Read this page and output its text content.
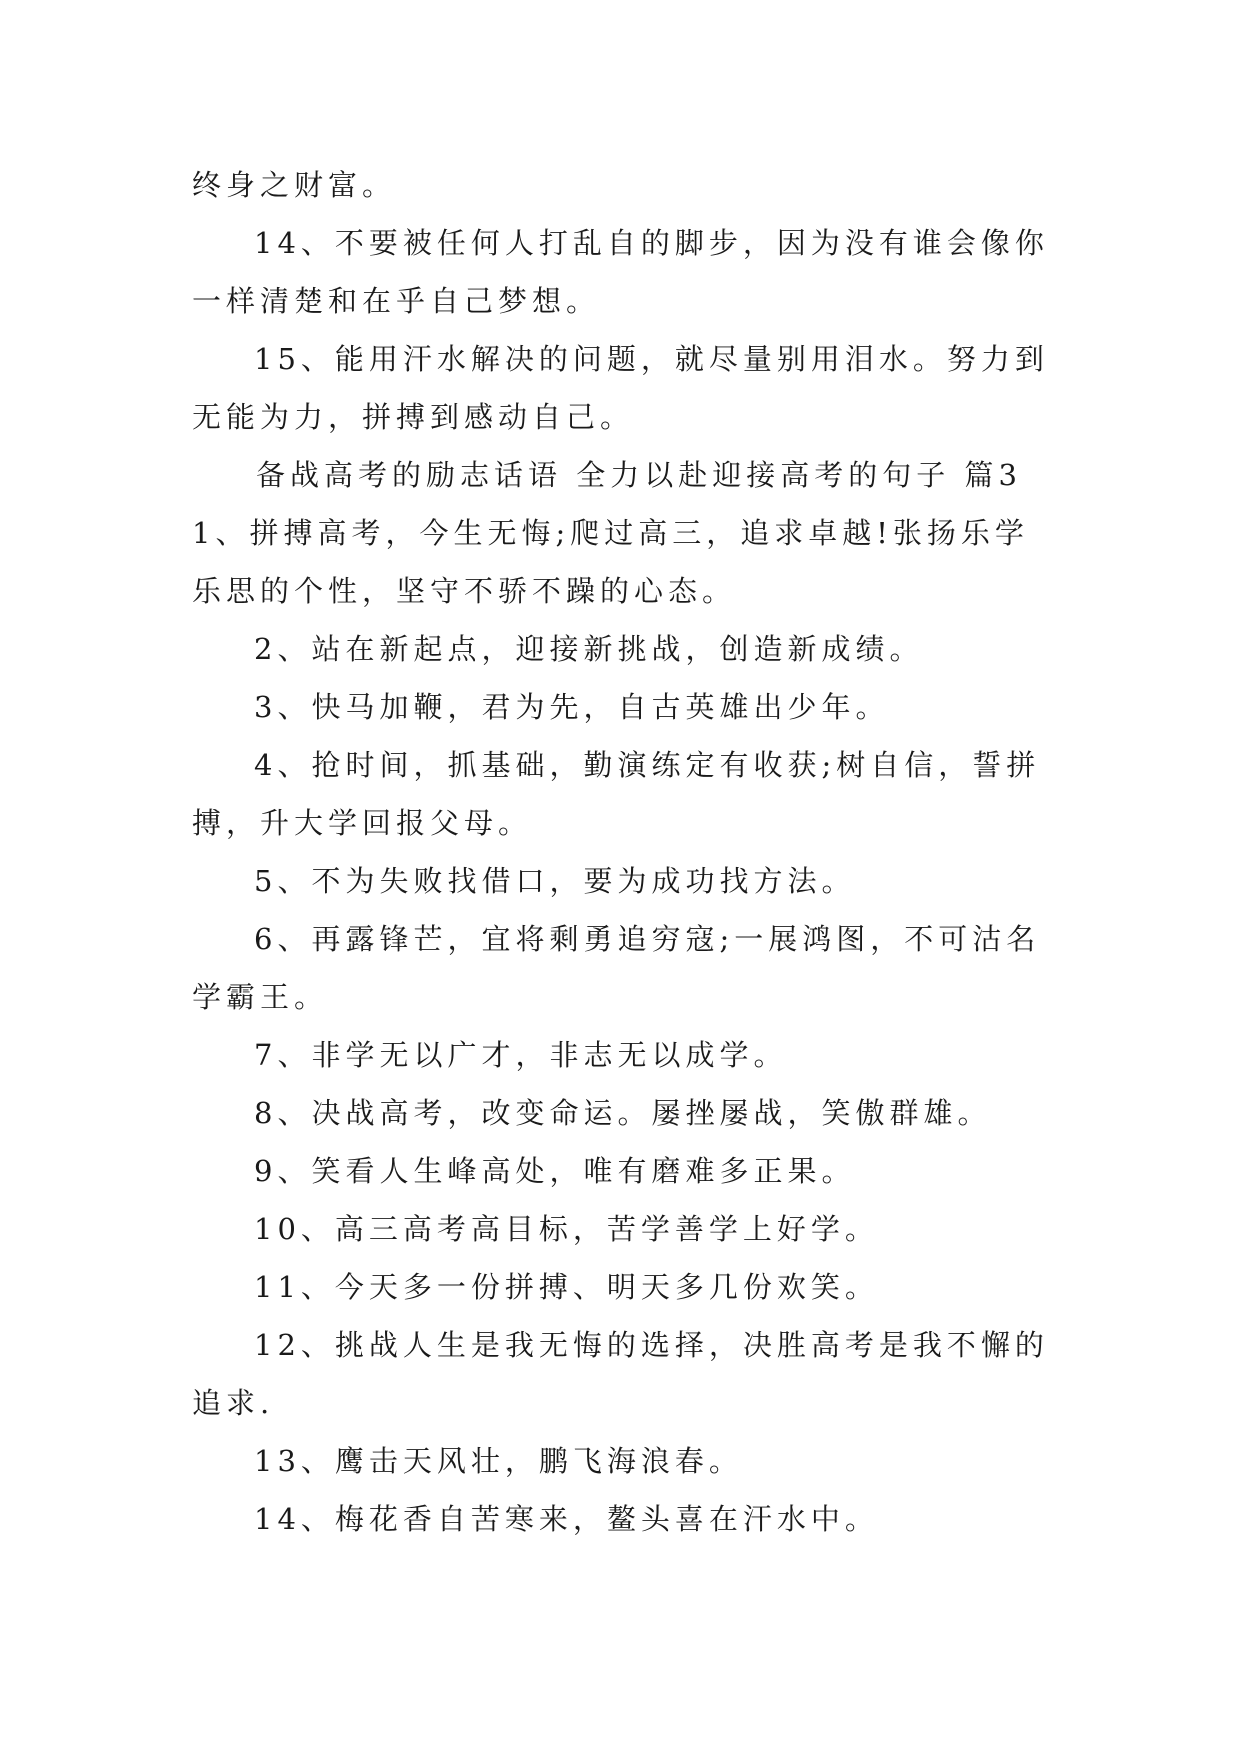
终身之财富。

14、不要被任何人打乱自的脚步，因为没有谁会像你一样清楚和在乎自己梦想。

15、能用汗水解决的问题，就尽量别用泪水。努力到无能为力，拼搏到感动自己。

备战高考的励志话语 全力以赴迎接高考的句子 篇3

1、拼搏高考，今生无悔;爬过高三，追求卓越!张扬乐学乐思的个性，坚守不骄不躁的心态。

2、站在新起点，迎接新挑战，创造新成绩。

3、快马加鞭，君为先，自古英雄出少年。

4、抢时间，抓基础，勤演练定有收获;树自信，誓拼搏，升大学回报父母。

5、不为失败找借口，要为成功找方法。

6、再露锋芒，宜将剩勇追穷寇;一展鸿图，不可沽名学霸王。

7、非学无以广才，非志无以成学。

8、决战高考，改变命运。屡挫屡战，笑傲群雄。

9、笑看人生峰高处，唯有磨难多正果。

10、高三高考高目标，苦学善学上好学。

11、今天多一份拼搏、明天多几份欢笑。

12、挑战人生是我无悔的选择，决胜高考是我不懈的追求.

13、鹰击天风壮，鹏飞海浪春。

14、梅花香自苦寒来，鳌头喜在汗水中。
